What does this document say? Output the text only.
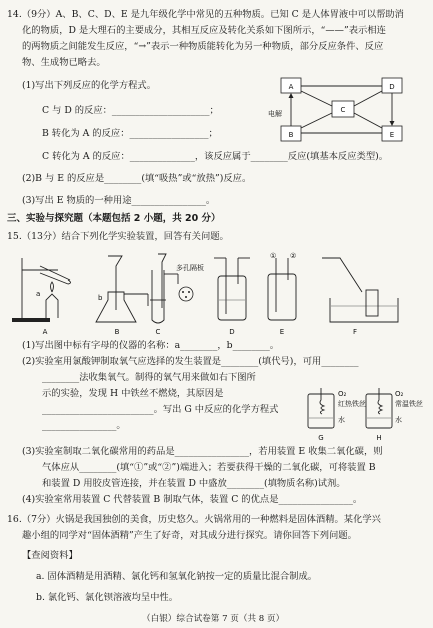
14.（9分）A、B、C、D、E 是九年级化学中常见的五种物质。已知 C 是人体胃液中可以帮助消
化的物质，D 是大理石的主要成分，其相互反应及转化关系如下图所示，“——”表示相连
的两物质之间能发生反应，“→”表示一种物质能转化为另一种物质，部分反应条件、反应
物、生成物已略去。
(1)写出下列反应的化学方程式。
C 与 D 的反应：_____________________；
B 转化为 A 的反应：_________________；
C 转化为 A 的反应：______________，该反应属于________反应(填基本反应类型)。
(2)B 与 E 的反应是________(填“吸热”或“放热”)反应。
(3)写出 E 物质的一种用途________________。
A
B
C
D
E
电解
三、实验与探究题（本题包括 2 小题，共 20 分）
15.（13分）结合下列化学实验装置，回答有关问题。
a
A
b
B
多孔隔板
C	D
① ②
E	F
(1)写出图中标有字母的仪器的名称：a________，b________。
(2)实验室用氯酸钾制取氧气应选择的发生装置是________(填代号)，可用________
________法收集氧气。制得的氧气用来做如右下图所
示的实验，发现 H 中铁丝不燃烧，其原因是
________________________。写出 G 中反应的化学方程式
________________。
O₂
红热铁丝
水
G
O₂
常温铁丝
水
H
(3)实验室制取二氧化碳常用的药品是________________，若用装置 E 收集二氧化碳，则
气体应从________(填“①”或“②”)端进入；若要获得干燥的二氧化碳，可将装置 B
和装置 D 用胶皮管连接，并在装置 D 中盛放________(填物质名称)试剂。
(4)实验室常用装置 C 代替装置 B 制取气体，装置 C 的优点是________________。
16.（7分）火锅是我国独创的美食，历史悠久。火锅常用的一种燃料是固体酒精。某化学兴
趣小组的同学对“固体酒精”产生了好奇，对其成分进行探究。请你回答下列问题。
【查阅资料】
a. 固体酒精是用酒精、氯化钙和氢氧化钠按一定的质量比混合制成。
b. 氯化钙、氯化钡溶液均呈中性。
（白银）综合试卷第 7 页（共 8 页）
